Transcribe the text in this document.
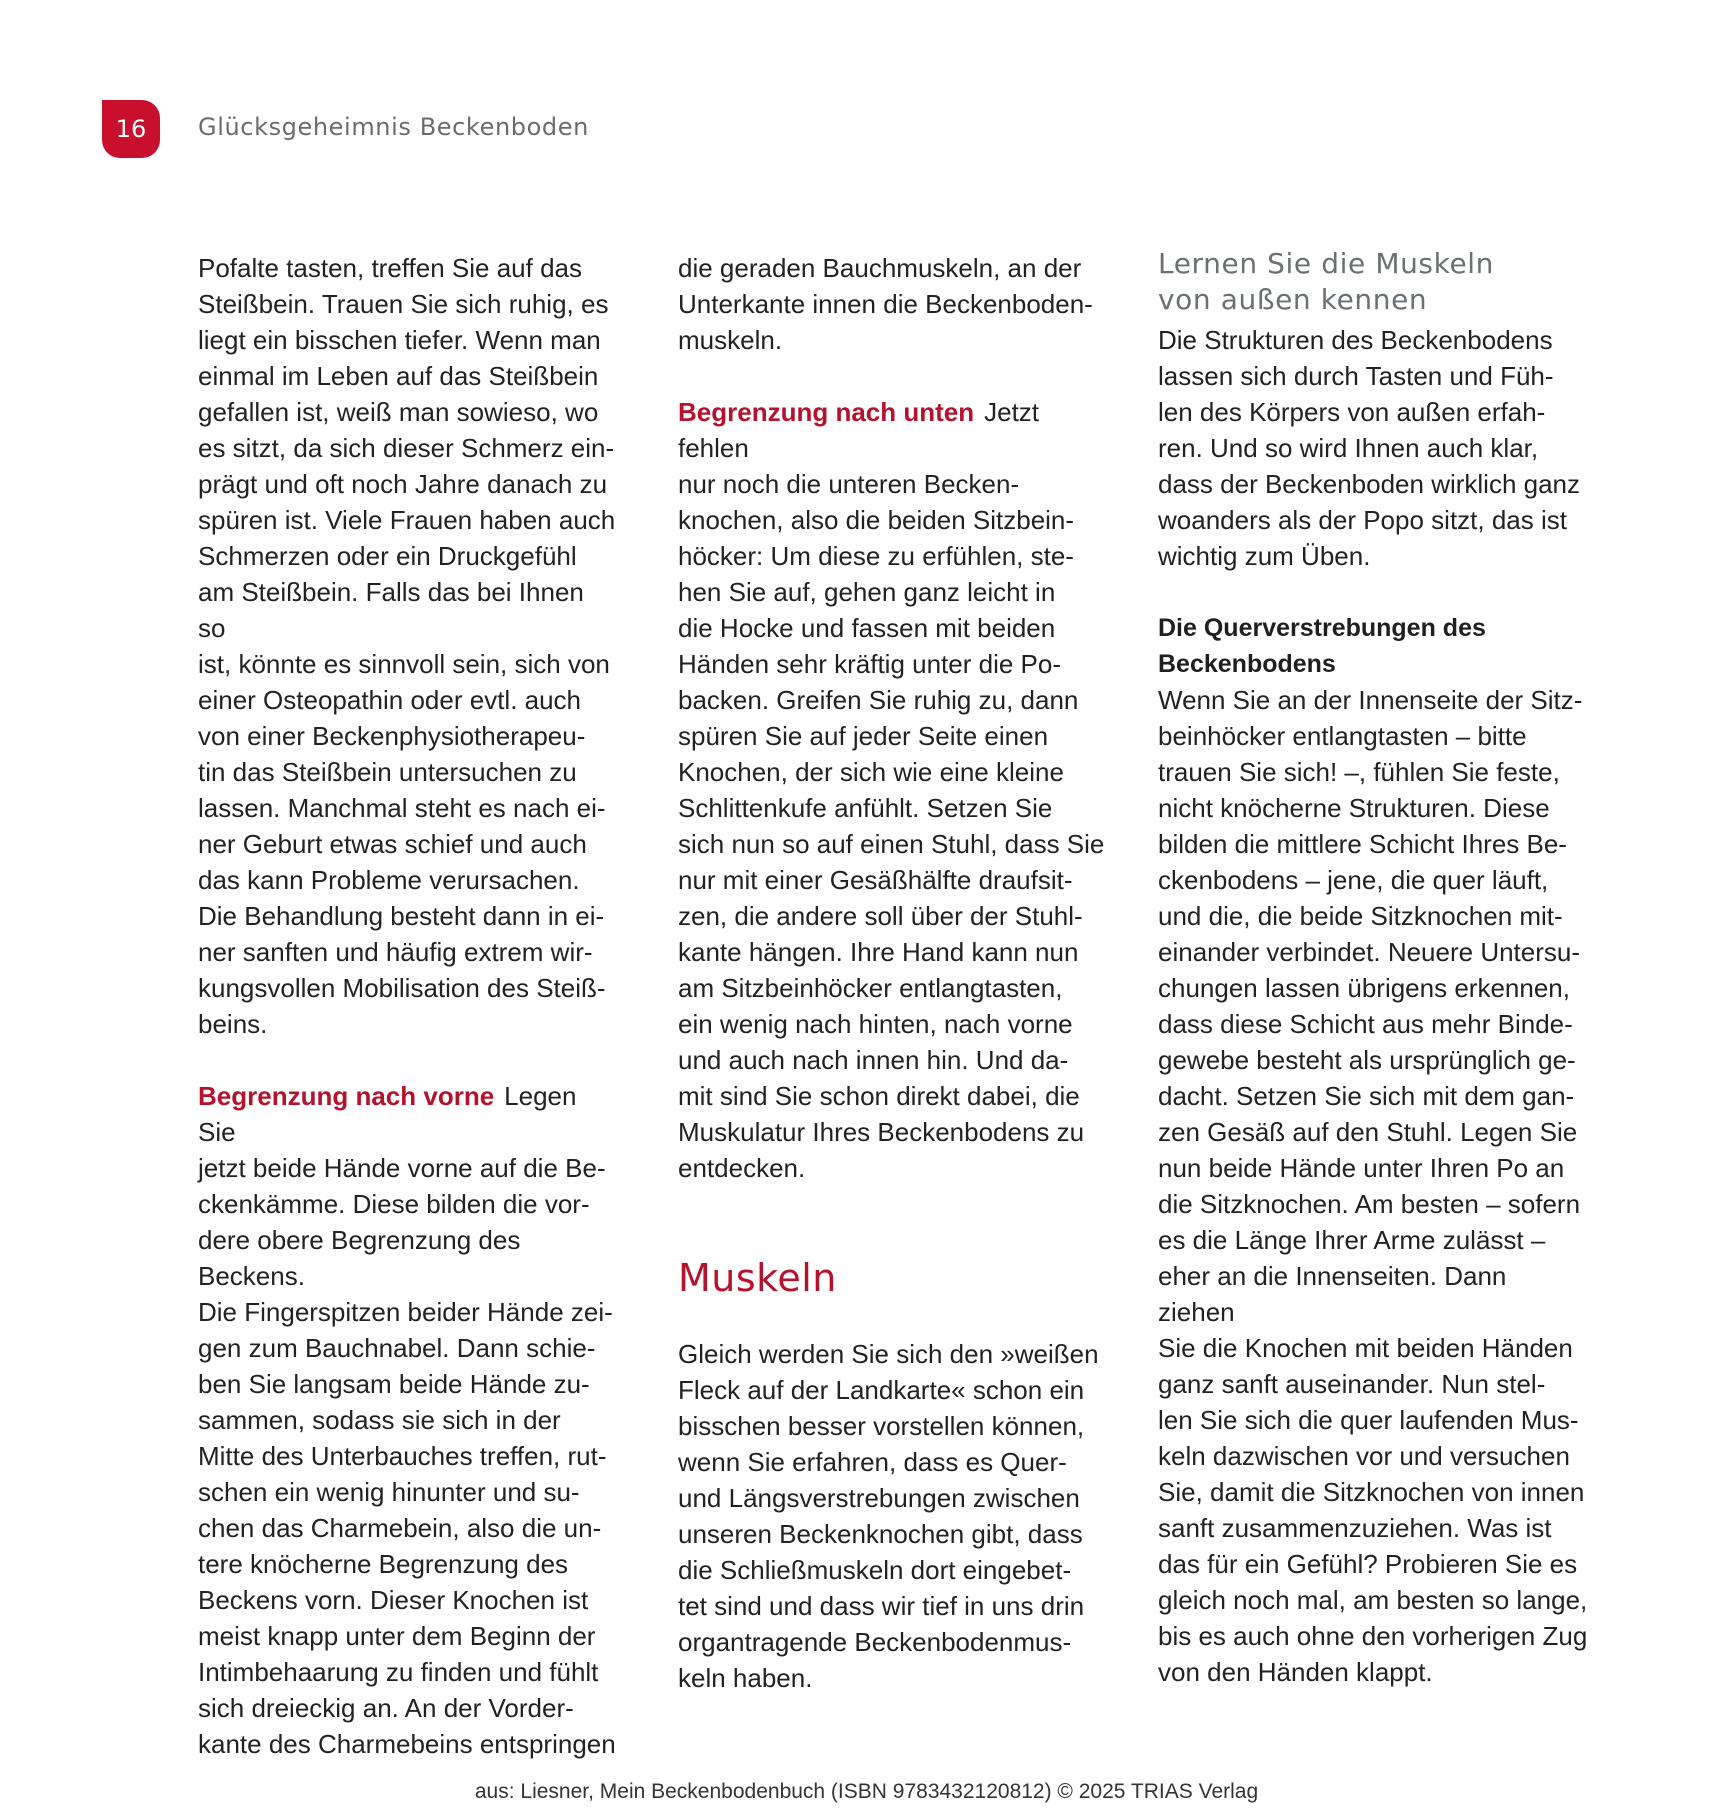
16 Glücksgeheimnis Beckenboden

Pofalte tasten, treffen Sie auf das
Steißbein. Trauen Sie sich ruhig, es
liegt ein bisschen tiefer. Wenn man
einmal im Leben auf das Steißbein
gefallen ist, weiß man sowieso, wo
es sitzt, da sich dieser Schmerz ein-
prägt und oft noch Jahre danach zu
spüren ist. Viele Frauen haben auch
Schmerzen oder ein Druckgefühl
am Steißbein. Falls das bei Ihnen so
ist, könnte es sinnvoll sein, sich von
einer Osteopathin oder evtl. auch
von einer Beckenphysiotherapeu-
tin das Steißbein untersuchen zu
lassen. Manchmal steht es nach ei-
ner Geburt etwas schief und auch
das kann Probleme verursachen.
Die Behandlung besteht dann in ei-
ner sanften und häufig extrem wir-
kungsvollen Mobilisation des Steiß-
beins.

Begrenzung nach vorne Legen Sie
jetzt beide Hände vorne auf die Be-
ckenkämme. Diese bilden die vor-
dere obere Begrenzung des Beckens.
Die Fingerspitzen beider Hände zei-
gen zum Bauchnabel. Dann schie-
ben Sie langsam beide Hände zu-
sammen, sodass sie sich in der
Mitte des Unterbauches treffen, rut-
schen ein wenig hinunter und su-
chen das Charmebein, also die un-
tere knöcherne Begrenzung des
Beckens vorn. Dieser Knochen ist
meist knapp unter dem Beginn der
Intimbehaarung zu finden und fühlt
sich dreieckig an. An der Vorder-
kante des Charmebeins entspringen

die geraden Bauchmuskeln, an der
Unterkante innen die Beckenboden-
muskeln.

Begrenzung nach unten Jetzt fehlen
nur noch die unteren Becken-
knochen, also die beiden Sitzbein-
höcker: Um diese zu erfühlen, ste-
hen Sie auf, gehen ganz leicht in
die Hocke und fassen mit beiden
Händen sehr kräftig unter die Po-
backen. Greifen Sie ruhig zu, dann
spüren Sie auf jeder Seite einen
Knochen, der sich wie eine kleine
Schlittenkufe anfühlt. Setzen Sie
sich nun so auf einen Stuhl, dass Sie
nur mit einer Gesäßhälfte draufsit-
zen, die andere soll über der Stuhl-
kante hängen. Ihre Hand kann nun
am Sitzbeinhöcker entlangtasten,
ein wenig nach hinten, nach vorne
und auch nach innen hin. Und da-
mit sind Sie schon direkt dabei, die
Muskulatur Ihres Beckenbodens zu
entdecken.

Muskeln

Gleich werden Sie sich den »weißen
Fleck auf der Landkarte« schon ein
bisschen besser vorstellen können,
wenn Sie erfahren, dass es Quer-
und Längsverstrebungen zwischen
unseren Beckenknochen gibt, dass
die Schließmuskeln dort eingebet-
tet sind und dass wir tief in uns drin
organtragende Beckenbodenmus-
keln haben.

Lernen Sie die Muskeln
von außen kennen

Die Strukturen des Beckenbodens
lassen sich durch Tasten und Füh-
len des Körpers von außen erfah-
ren. Und so wird Ihnen auch klar,
dass der Beckenboden wirklich ganz
woanders als der Popo sitzt, das ist
wichtig zum Üben.

Die Querverstrebungen des
Beckenbodens

Wenn Sie an der Innenseite der Sitz-
beinhöcker entlangtasten – bitte
trauen Sie sich! –, fühlen Sie feste,
nicht knöcherne Strukturen. Diese
bilden die mittlere Schicht Ihres Be-
ckenbodens – jene, die quer läuft,
und die, die beide Sitzknochen mit-
einander verbindet. Neuere Untersu-
chungen lassen übrigens erkennen,
dass diese Schicht aus mehr Binde-
gewebe besteht als ursprünglich ge-
dacht. Setzen Sie sich mit dem gan-
zen Gesäß auf den Stuhl. Legen Sie
nun beide Hände unter Ihren Po an
die Sitzknochen. Am besten – sofern
es die Länge Ihrer Arme zulässt –
eher an die Innenseiten. Dann ziehen
Sie die Knochen mit beiden Händen
ganz sanft auseinander. Nun stel-
len Sie sich die quer laufenden Mus-
keln dazwischen vor und versuchen
Sie, damit die Sitzknochen von innen
sanft zusammenzuziehen. Was ist
das für ein Gefühl? Probieren Sie es
gleich noch mal, am besten so lange,
bis es auch ohne den vorherigen Zug
von den Händen klappt.

aus: Liesner, Mein Beckenbodenbuch (ISBN 9783432120812) © 2025 TRIAS Verlag
